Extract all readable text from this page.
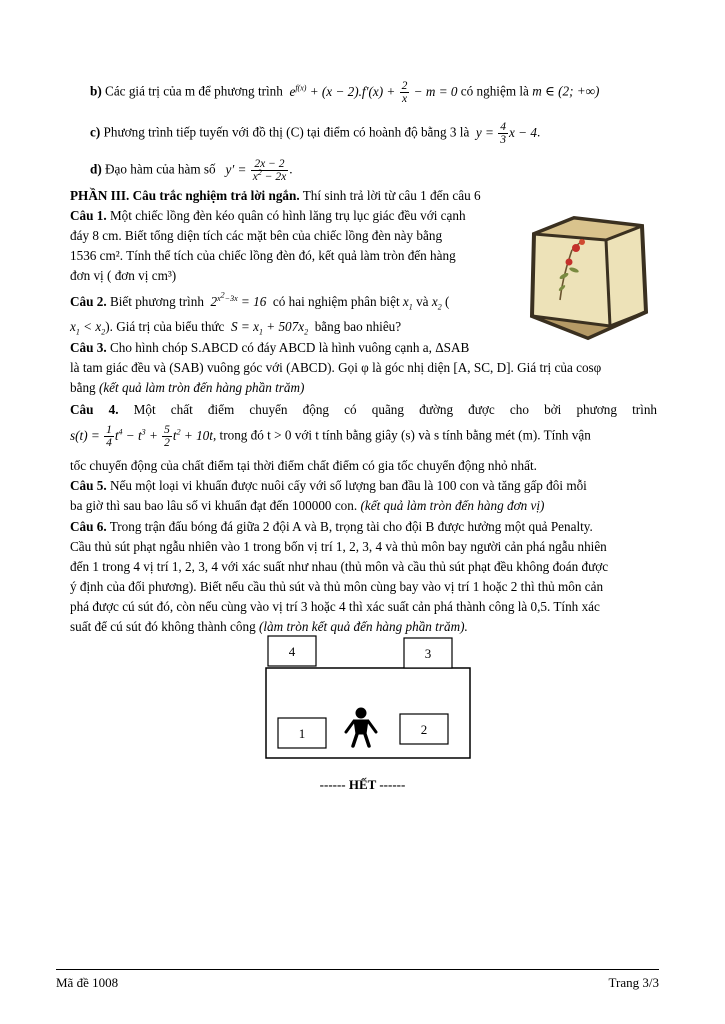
b) Các giá trị của m để phương trình  $e^{f(x)} + (x - 2).f'(x) + \frac{2}{x} - m = 0$ có nghiệm là m ∈ (2; +∞)
c) Phương trình tiếp tuyến với đồ thị (C) tại điểm có hoành độ bằng 3 là  $y = \frac{4}{3}$ x − 4.
d) Đạo hàm của hàm số   $y' = \frac{2x - 2}{x^2 - 2x}$ .
PHẦN III. Câu trắc nghiệm trả lời ngắn. Thí sinh trả lời từ câu 1 đến câu 6
Câu 1. Một chiếc lồng đèn kéo quân có hình lăng trụ lục giác đều với cạnh
đáy 8 cm. Biết tổng diện tích các mặt bên của chiếc lồng đèn này bằng
1536 cm². Tính thể tích của chiếc lồng đèn đó, kết quả làm tròn đến hàng
đơn vị ( đơn vị cm³)
Câu 2. Biết phương trình  $2^{x^2-3x} = 16$  có hai nghiệm phân biệt $x_1$ và $x_2$ (
$x_1 < x_2$). Giá trị của biểu thức  $S = x_1 + 507x_2$ bằng bao nhiêu?
Câu 3. Cho hình chóp S.ABCD có đáy ABCD là hình vuông cạnh a, ΔSAB
là tam giác đều và (SAB) vuông góc với (ABCD). Gọi φ là góc nhị diện [A, SC, D]. Giá trị của cosφ
bằng (kết quả làm tròn đến hàng phần trăm)
Câu 4. Một chất điểm chuyển động có quãng đường được cho bởi phương trình
$s(t) = \frac{1}{4} t^4 - t^3 + \frac{5}{2} t^2 + 10t$, trong đó t > 0 với t tính bằng giây (s) và s tính bằng mét (m). Tính vận
tốc chuyển động của chất điểm tại thời điểm chất điểm có gia tốc chuyển động nhỏ nhất.
Câu 5. Nếu một loại vi khuẩn được nuôi cấy với số lượng ban đầu là 100 con và tăng gấp đôi mỗi
ba giờ thì sau bao lâu số vi khuẩn đạt đến 100000 con. (kết quả làm tròn đến hàng đơn vị)
Câu 6. Trong trận đấu bóng đá giữa 2 đội A và B, trọng tài cho đội B được hưởng một quả Penalty.
Cầu thủ sút phạt ngẫu nhiên vào 1 trong bốn vị trí 1, 2, 3, 4 và thủ môn bay người cản phá ngẫu nhiên
đến 1 trong 4 vị trí 1, 2, 3, 4 với xác suất như nhau (thủ môn và cầu thủ sút phạt đều không đoán được
ý định của đối phương). Biết nếu cầu thủ sút và thủ môn cùng bay vào vị trí 1 hoặc 2 thì thủ môn cản
phá được cú sút đó, còn nếu cùng vào vị trí 3 hoặc 4 thì xác suất cản phá thành công là 0,5. Tính xác
suất để cú sút đó không thành công (làm tròn kết quả đến hàng phần trăm).
4	3
1	2
------ HẾT ------
Mã đề 1008	Trang 3/3
